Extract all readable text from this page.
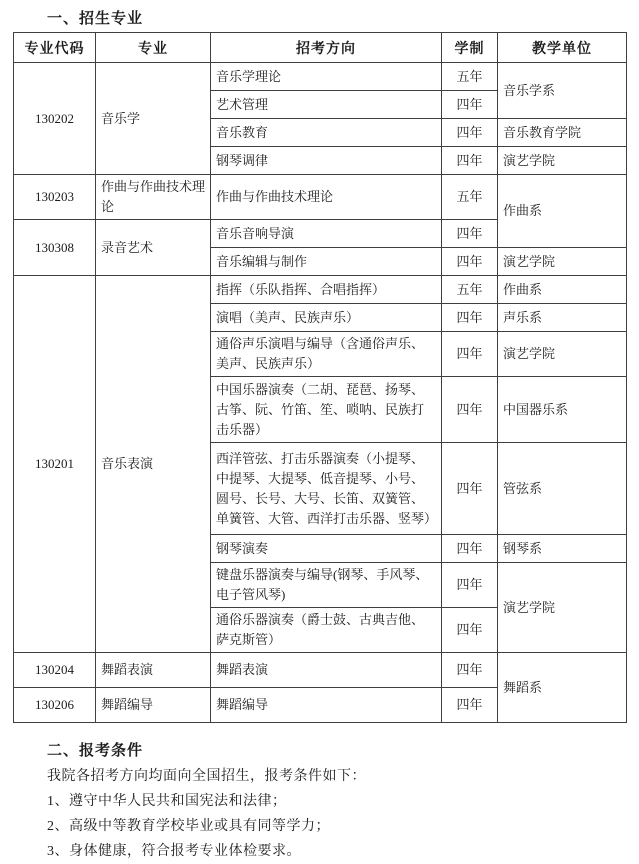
一、招生专业
专业代码	专业	招考方向	学制	教学单位
130202	音乐学	音乐学理论	五年	音乐学系
		艺术管理	四年	
		音乐教育	四年	音乐教育学院
		钢琴调律	四年	演艺学院
130203	作曲与作曲技术理论	作曲与作曲技术理论	五年	作曲系
130308	录音艺术	音乐音响导演	四年	
		音乐编辑与制作	四年	演艺学院
130201	音乐表演	指挥（乐队指挥、合唱指挥）	五年	作曲系
		演唱（美声、民族声乐）	四年	声乐系
		通俗声乐演唱与编导（含通俗声乐、美声、民族声乐）	四年	演艺学院
		中国乐器演奏（二胡、琵琶、扬琴、古筝、阮、竹笛、笙、唢呐、民族打击乐器）	四年	中国器乐系
		西洋管弦、打击乐器演奏（小提琴、中提琴、大提琴、低音提琴、小号、圆号、长号、大号、长笛、双簧管、单簧管、大管、西洋打击乐器、竖琴）	四年	管弦系
		钢琴演奏	四年	钢琴系
		键盘乐器演奏与编导(钢琴、手风琴、电子管风琴)	四年	演艺学院
		通俗乐器演奏（爵士鼓、古典吉他、萨克斯管）	四年	
130204	舞蹈表演	舞蹈表演	四年	舞蹈系
130206	舞蹈编导	舞蹈编导	四年	
二、报考条件

我院各招考方向均面向全国招生，报考条件如下：

1、遵守中华人民共和国宪法和法律；

2、高级中等教育学校毕业或具有同等学力；

3、身体健康，符合报考专业体检要求。
